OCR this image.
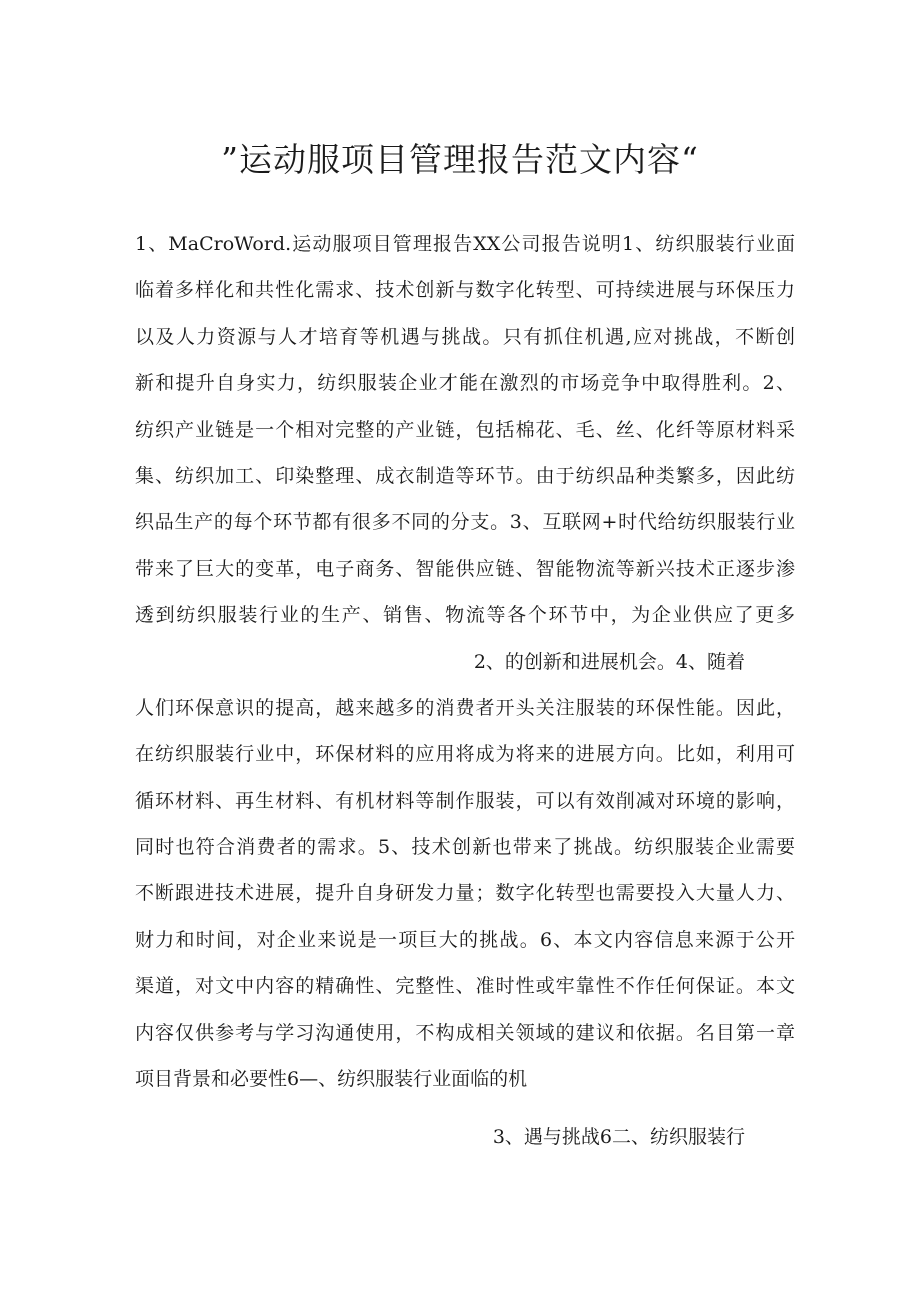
”运动服项目管理报告范文内容“
1、MaCroWord.运动服项目管理报告XX公司报告说明1、纺织服装行业面
临着多样化和共性化需求、技术创新与数字化转型、可持续进展与环保压力
以及人力资源与人才培育等机遇与挑战。只有抓住机遇,应对挑战，不断创
新和提升自身实力，纺织服装企业才能在激烈的市场竞争中取得胜利。2、
纺织产业链是一个相对完整的产业链，包括棉花、毛、丝、化纤等原材料采
集、纺织加工、印染整理、成衣制造等环节。由于纺织品种类繁多，因此纺
织品生产的每个环节都有很多不同的分支。3、互联网+时代给纺织服装行业
带来了巨大的变革，电子商务、智能供应链、智能物流等新兴技术正逐步渗
透到纺织服装行业的生产、销售、物流等各个环节中，为企业供应了更多
2、的创新和进展机会。4、随着
人们环保意识的提高，越来越多的消费者开头关注服装的环保性能。因此，
在纺织服装行业中，环保材料的应用将成为将来的进展方向。比如，利用可
循环材料、再生材料、有机材料等制作服装，可以有效削减对环境的影响，
同时也符合消费者的需求。5、技术创新也带来了挑战。纺织服装企业需要
不断跟进技术进展，提升自身研发力量；数字化转型也需要投入大量人力、
财力和时间，对企业来说是一项巨大的挑战。6、本文内容信息来源于公开
渠道，对文中内容的精确性、完整性、准时性或牢靠性不作任何保证。本文
内容仅供参考与学习沟通使用，不构成相关领域的建议和依据。名目第一章
项目背景和必要性6—、纺织服装行业面临的机
3、遇与挑战6二、纺织服装行
